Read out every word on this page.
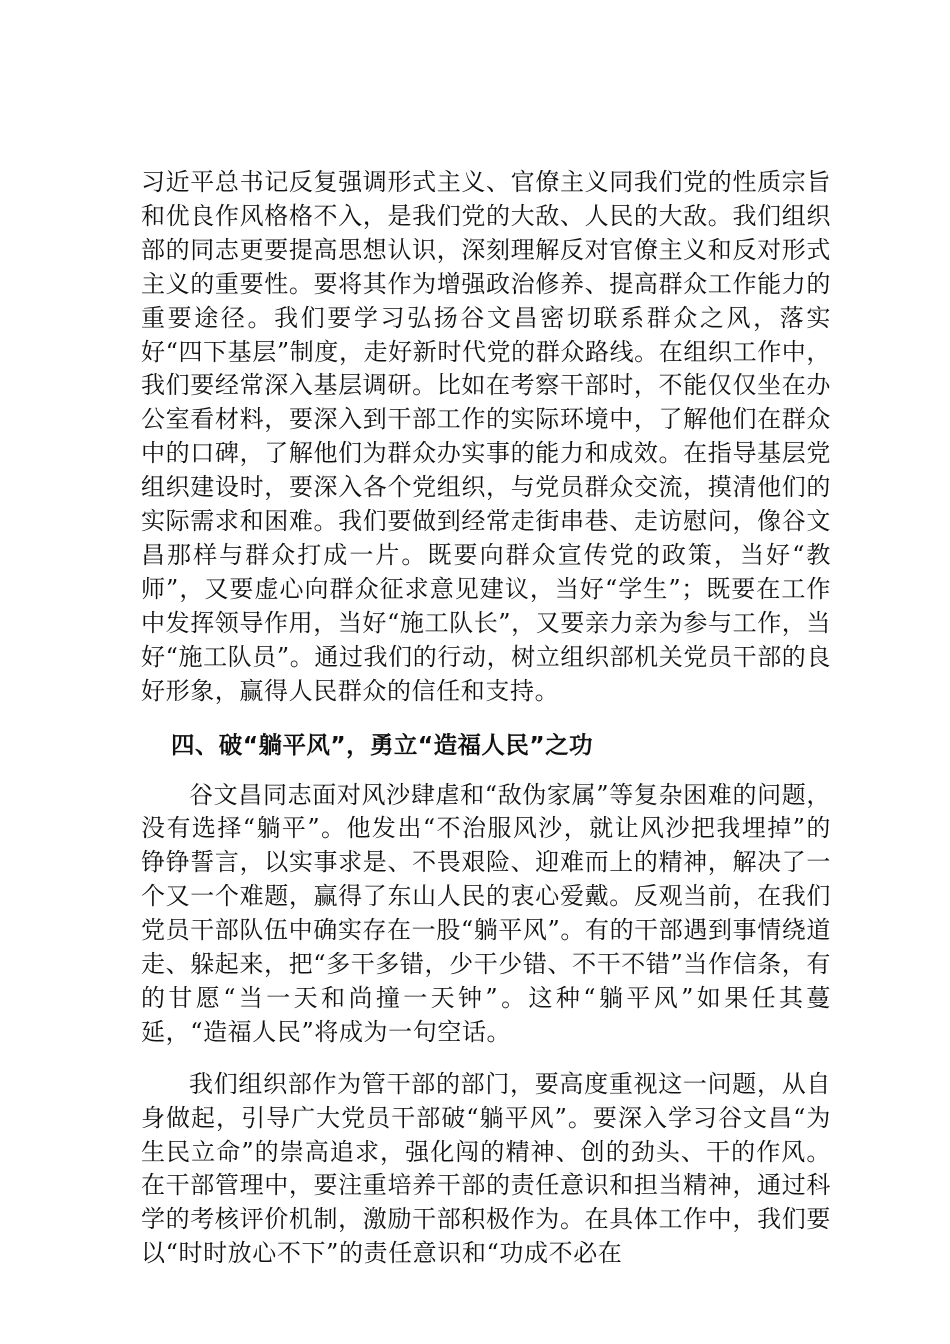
习近平总书记反复强调形式主义、官僚主义同我们党的性质宗旨和优良作风格格不入，是我们党的大敌、人民的大敌。我们组织部的同志更要提高思想认识，深刻理解反对官僚主义和反对形式主义的重要性。要将其作为增强政治修养、提高群众工作能力的重要途径。我们要学习弘扬谷文昌密切联系群众之风，落实好“四下基层”制度，走好新时代党的群众路线。在组织工作中，我们要经常深入基层调研。比如在考察干部时，不能仅仅坐在办公室看材料，要深入到干部工作的实际环境中，了解他们在群众中的口碑，了解他们为群众办实事的能力和成效。在指导基层党组织建设时，要深入各个党组织，与党员群众交流，摸清他们的实际需求和困难。我们要做到经常走街串巷、走访慰问，像谷文昌那样与群众打成一片。既要向群众宣传党的政策，当好“教师”，又要虚心向群众征求意见建议，当好“学生”；既要在工作中发挥领导作用，当好“施工队长”，又要亲力亲为参与工作，当好“施工队员”。通过我们的行动，树立组织部机关党员干部的良好形象，赢得人民群众的信任和支持。

四、破“躺平风”，勇立“造福人民”之功

谷文昌同志面对风沙肆虐和“敌伪家属”等复杂困难的问题，没有选择“躺平”。他发出“不治服风沙，就让风沙把我埋掉”的铮铮誓言，以实事求是、不畏艰险、迎难而上的精神，解决了一个又一个难题，赢得了东山人民的衷心爱戴。反观当前，在我们党员干部队伍中确实存在一股“躺平风”。有的干部遇到事情绕道走、躲起来，把“多干多错，少干少错、不干不错”当作信条，有的甘愿“当一天和尚撞一天钟”。这种“躺平风”如果任其蔓延，“造福人民”将成为一句空话。

我们组织部作为管干部的部门，要高度重视这一问题，从自身做起，引导广大党员干部破“躺平风”。要深入学习谷文昌“为生民立命”的崇高追求，强化闯的精神、创的劲头、干的作风。在干部管理中，要注重培养干部的责任意识和担当精神，通过科学的考核评价机制，激励干部积极作为。在具体工作中，我们要以“时时放心不下”的责任意识和“功成不必在
